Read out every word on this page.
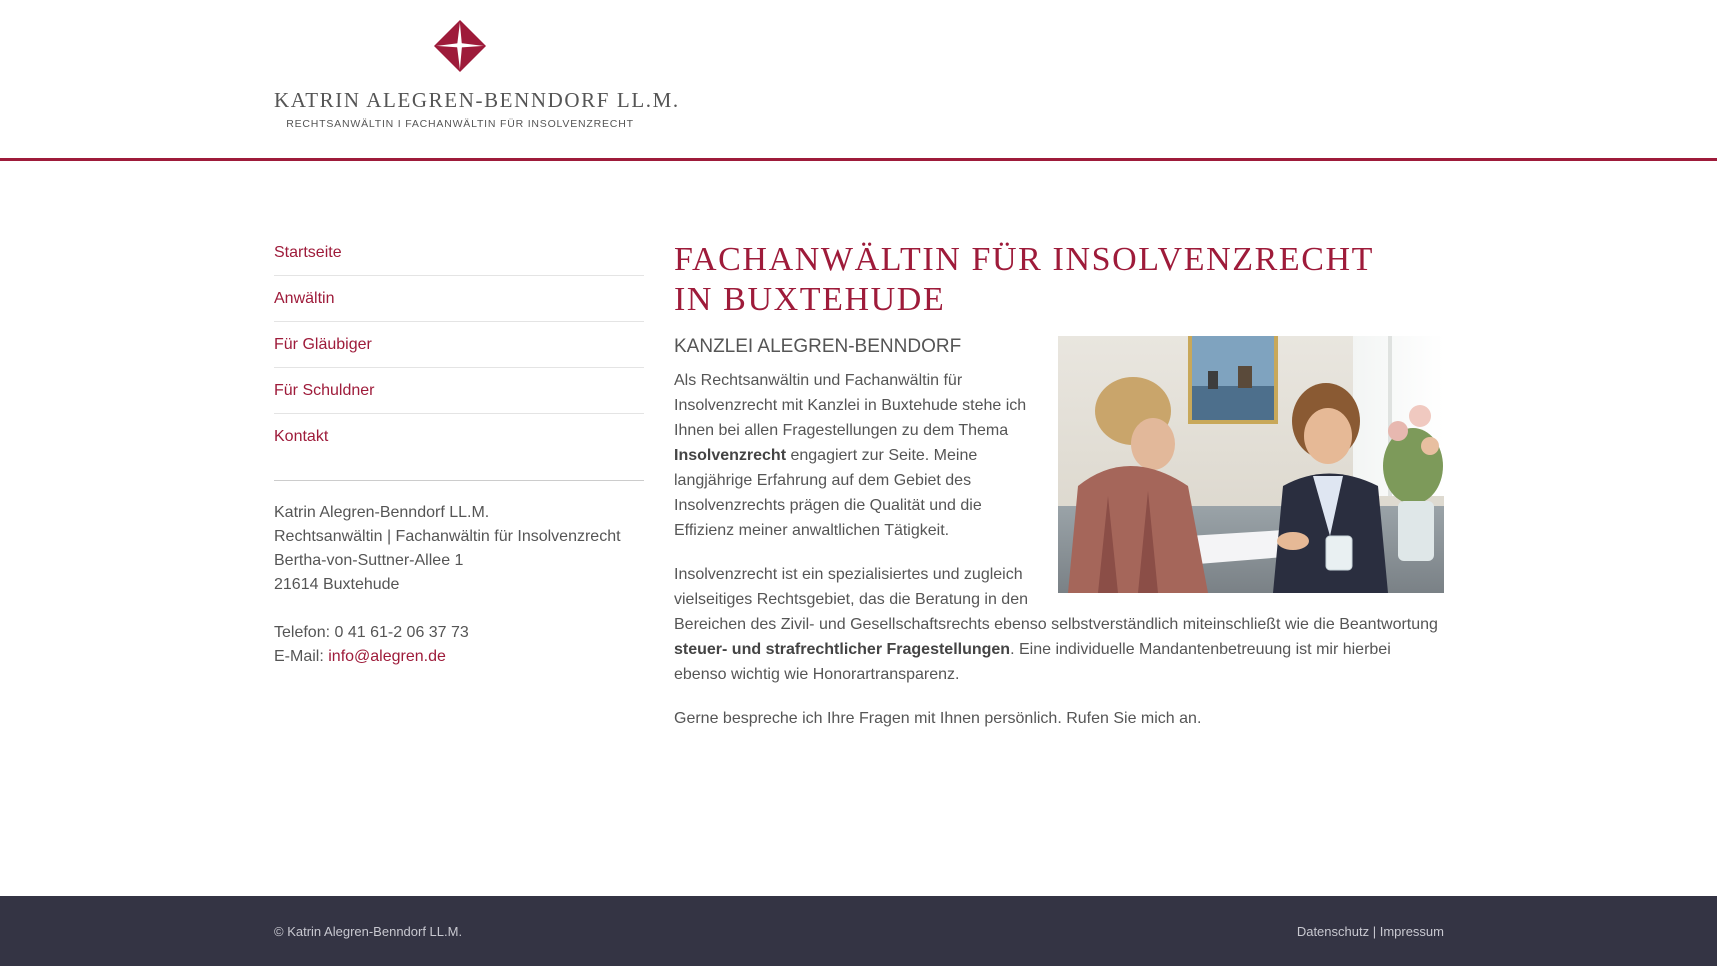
KATRIN ALEGREN-BENNDORF LL.M.
RECHTSANWÄLTIN I FACHANWÄLTIN FÜR INSOLVENZRECHT
Startseite
Anwältin
Für Gläubiger
Für Schuldner
Kontakt
Katrin Alegren-Benndorf LL.M.
Rechtsanwältin | Fachanwältin für Insolvenzrecht
Bertha-von-Suttner-Allee 1
21614 Buxtehude
Telefon: 0 41 61-2 06 37 73
E-Mail: info@alegren.de
FACHANWÄLTIN FÜR INSOLVENZRECHT
IN BUXTEHUDE
KANZLEI ALEGREN-BENNDORF

Als Rechtsanwältin und Fachanwältin für Insolvenzrecht mit Kanzlei in Buxtehude stehe ich Ihnen bei allen Fragestellungen zu dem Thema Insolvenzrecht engagiert zur Seite. Meine langjährige Erfahrung auf dem Gebiet des Insolvenzrechts prägen die Qualität und die Effizienz meiner anwaltlichen Tätigkeit.

Insolvenzrecht ist ein spezialisiertes und zugleich vielseitiges Rechtsgebiet, das die Beratung in den Bereichen des Zivil- und Gesellschaftsrechts ebenso selbstverständlich miteinschließt wie die Beantwortung steuer- und strafrechtlicher Fragestellungen. Eine individuelle Mandantenbetreuung ist mir hierbei ebenso wichtig wie Honorartransparenz.

Gerne bespreche ich Ihre Fragen mit Ihnen persönlich. Rufen Sie mich an.

© Katrin Alegren-Benndorf LL.M.	Datenschutz | Impressum
